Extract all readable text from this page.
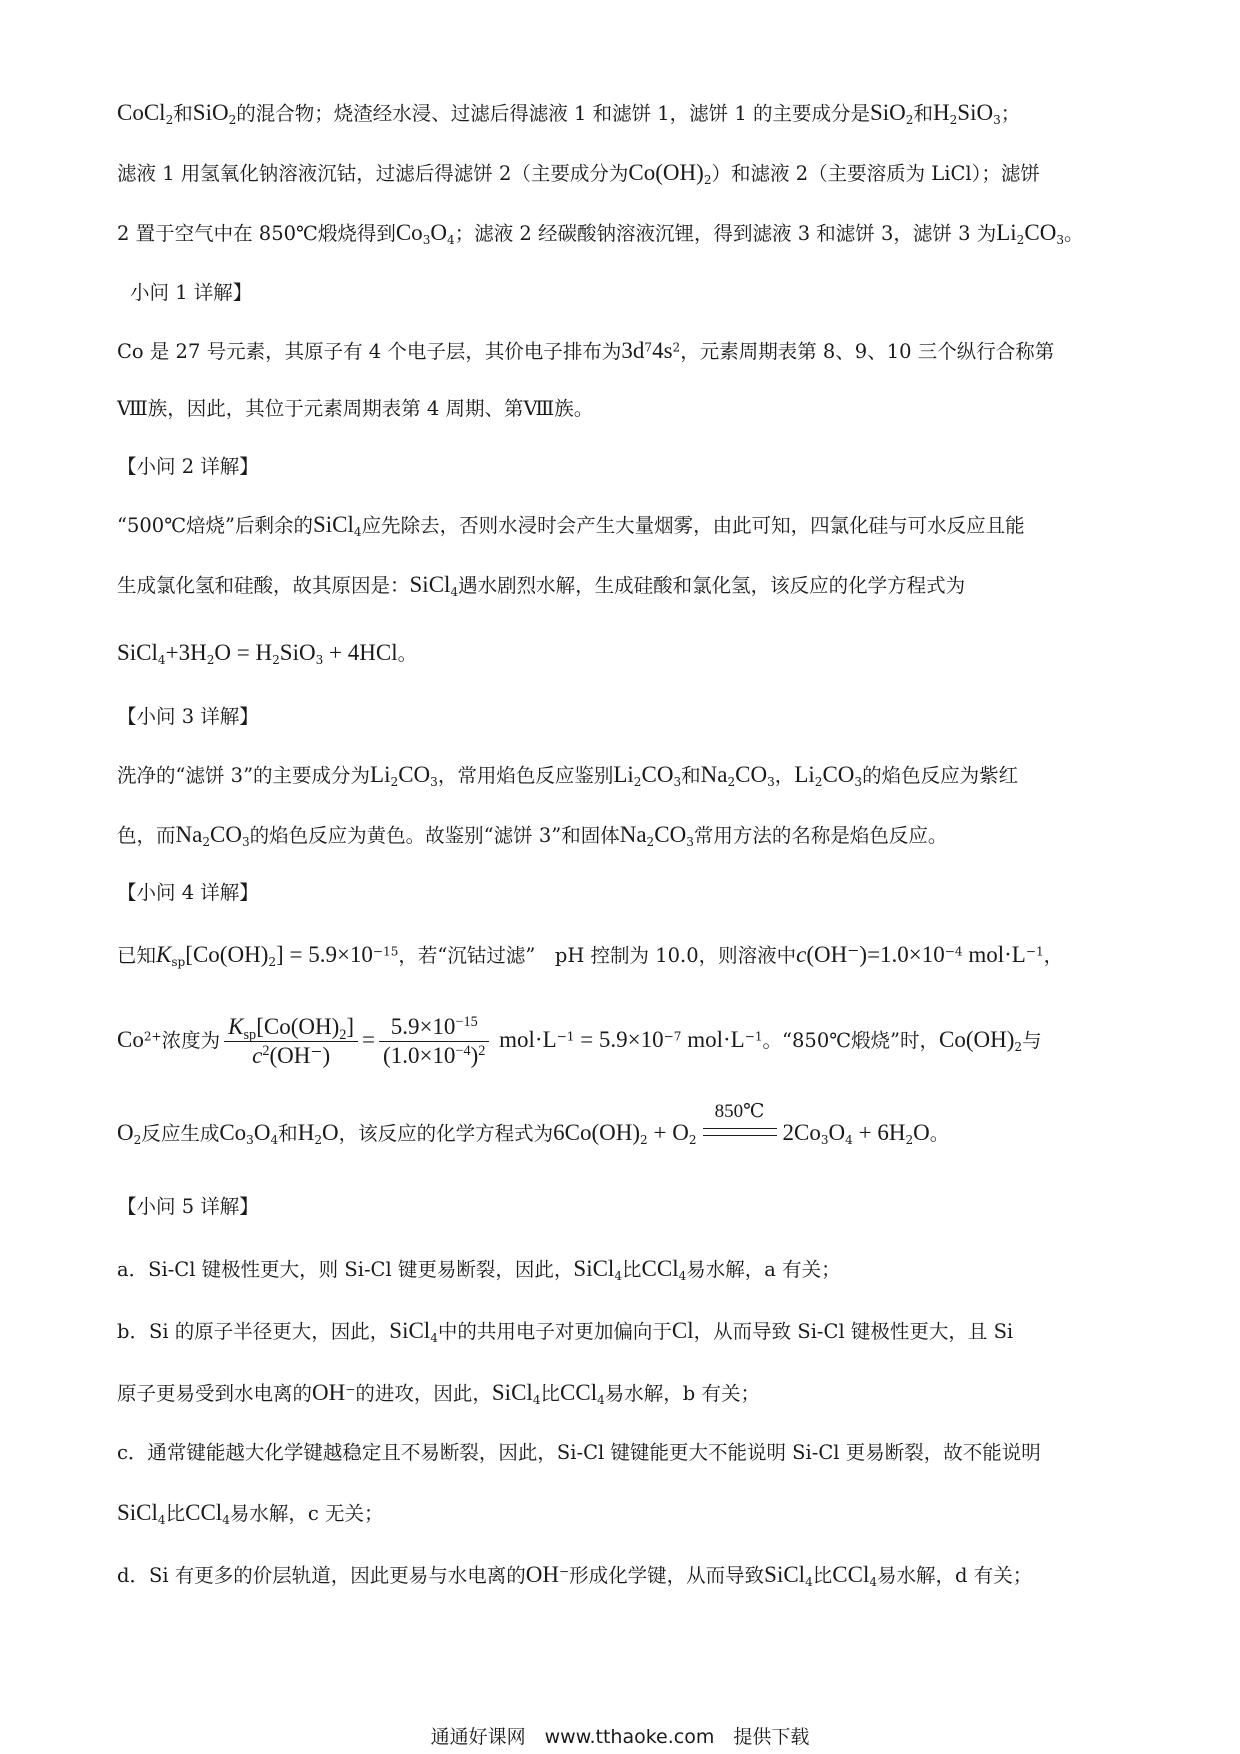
CoCl$_2$和SiO$_2$的混合物；烧渣经水浸、过滤后得滤液 1 和滤饼 1，滤饼 1 的主要成分是SiO$_2$和$H_2SiO_3$；
滤液 1 用氢氧化钠溶液沉钴，过滤后得滤饼 2（主要成分为$Co(OH)_2$）和滤液 2（主要溶质为 LiCl）；滤饼
2 置于空气中在 850℃煅烧得到$Co_3O_4$；滤液 2 经碳酸钠溶液沉锂，得到滤液 3 和滤饼 3，滤饼 3 为$Li_2CO_3$。
小问 1 详解】
Co 是 27 号元素，其原子有 4 个电子层，其价电子排布为$3d^74s^2$，元素周期表第 8、9、10 三个纵行合称第
Ⅷ族，因此，其位于元素周期表第 4 周期、第Ⅷ族。
【小问 2 详解】
“500℃焙烧”后剩余的SiCl$_4$应先除去，否则水浸时会产生大量烟雾，由此可知，四氯化硅与可水反应且能
生成氯化氢和硅酸，故其原因是：SiCl$_4$遇水剧烈水解，生成硅酸和氯化氢，该反应的化学方程式为
$SiCl_4+3H_2O = H_2SiO_3 + 4HCl$。
【小问 3 详解】
洗净的“滤饼 3”的主要成分为$Li_2CO_3$，常用焰色反应鉴别$Li_2CO_3$和$Na_2CO_3$，$Li_2CO_3$的焰色反应为紫红
色，而$Na_2CO_3$的焰色反应为黄色。故鉴别“滤饼 3”和固体$Na_2CO_3$常用方法的名称是焰色反应。
【小问 4 详解】
已知$K_{sp}[Co(OH)_2] = 5.9\times 10^{-15}$，若“沉钴过滤”　pH 控制为 10.0，则溶液中$c(OH^-)=1.0\times 10^{-4}$ $mol\cdot L^{-1}$，
$Co^{2+}$浓度为 $\frac{K_{sp}[Co(OH)_2]}{c^2(OH^-)} = \frac{5.9\times 10^{-15}}{(1.0\times 10^{-4})^2} mol\cdot L^{-1} = 5.9\times 10^{-7}$ $mol\cdot L^{-1}$。“850℃煅烧”时，$Co(OH)_2$与
$O_2$反应生成$Co_3O_4$和$H_2O$，该反应的化学方程式为$6Co(OH)_2 + O_2$
850℃
$2Co_3O_4 + 6H_2O$。
【小问 5 详解】
a．Si-Cl 键极性更大，则 Si-Cl 键更易断裂，因此，SiCl$_4$比CCl$_4$易水解，a 有关；
b．Si 的原子半径更大，因此，SiCl$_4$中的共用电子对更加偏向于Cl，从而导致 Si-Cl 键极性更大，且 Si
原子更易受到水电离的OH−的进攻，因此，SiCl$_4$比CCl$_4$易水解，b 有关；
c．通常键能越大化学键越稳定且不易断裂，因此，Si-Cl 键键能更大不能说明 Si-Cl 更易断裂，故不能说明
SiCl$_4$比CCl$_4$易水解，c 无关；
d．Si 有更多的价层轨道，因此更易与水电离的OH−形成化学键，从而导致SiCl$_4$比CCl$_4$易水解，d 有关；
通通好课网　www.tthaoke.com　提供下载
